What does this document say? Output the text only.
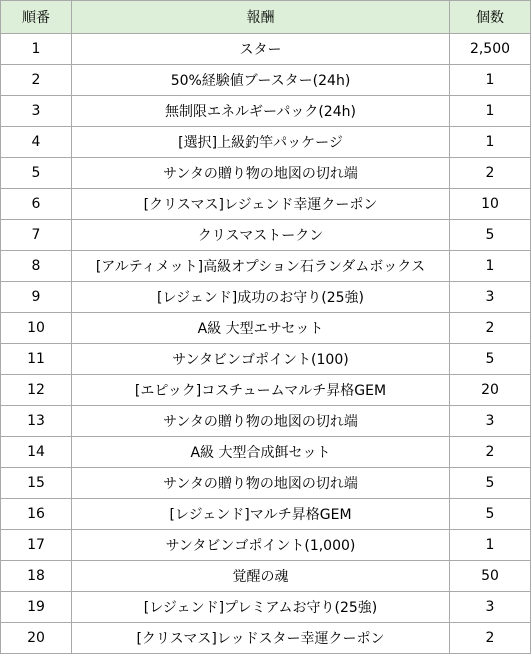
順番	報酬	個数
1	スター	2,500
2	50%経験値ブースター(24h)	1
3	無制限エネルギーパック(24h)	1
4	[選択]上級釣竿パッケージ	1
5	サンタの贈り物の地図の切れ端	2
6	[クリスマス]レジェンド幸運クーポン	10
7	クリスマストークン	5
8	[アルティメット]高級オプション石ランダムボックス	1
9	[レジェンド]成功のお守り(25強)	3
10	A級 大型エサセット	2
11	サンタビンゴポイント(100)	5
12	[エピック]コスチュームマルチ昇格GEM	20
13	サンタの贈り物の地図の切れ端	3
14	A級 大型合成餌セット	2
15	サンタの贈り物の地図の切れ端	5
16	[レジェンド]マルチ昇格GEM	5
17	サンタビンゴポイント(1,000)	1
18	覚醒の魂	50
19	[レジェンド]プレミアムお守り(25強)	3
20	[クリスマス]レッドスター幸運クーポン	2
